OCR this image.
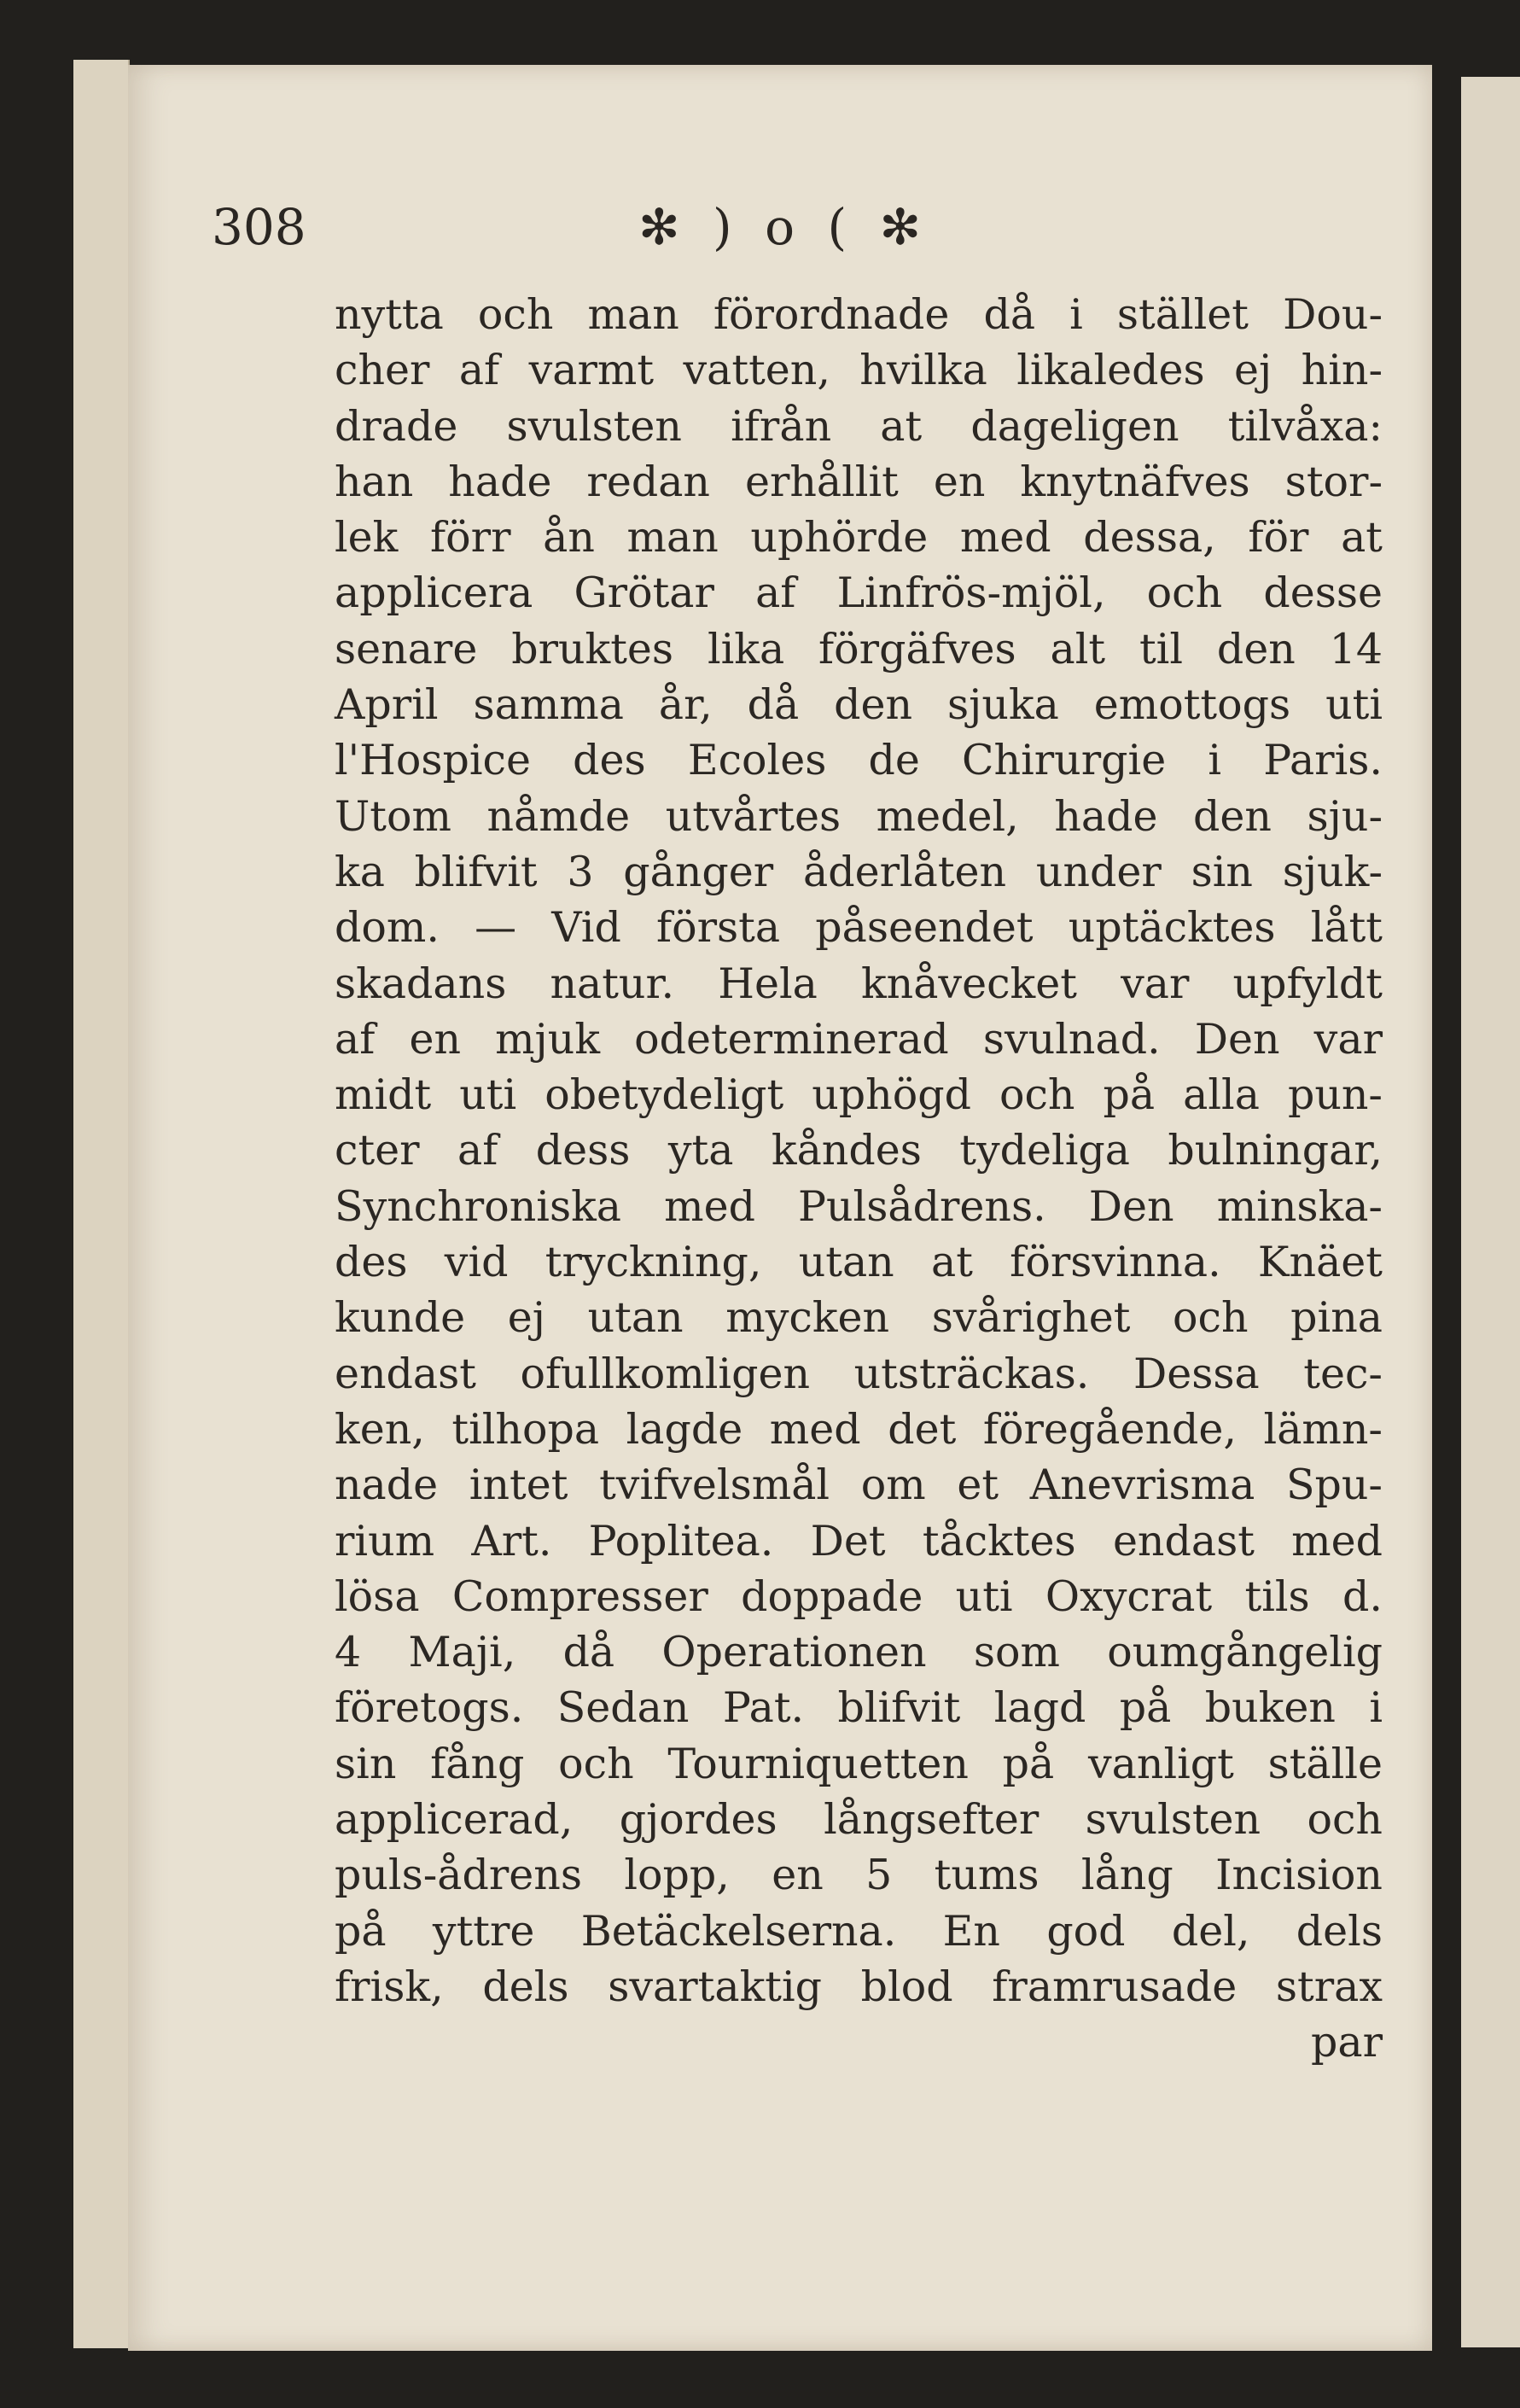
308	✻ ) o ( ✻
nytta och man förordnade då i stället Dou-
cher af varmt vatten, hvilka likaledes ej hin-
drade svulsten ifrån at dageligen tilvåxa:
han hade redan erhållit en knytnäfves stor-
lek förr ån man uphörde med dessa, för at
applicera Grötar af Linfrös-mjöl, och desse
senare bruktes lika förgäfves alt til den 14
April samma år, då den sjuka emottogs uti
l'Hospice des Ecoles de Chirurgie i Paris.
Utom nåmde utvårtes medel, hade den sju-
ka blifvit 3 gånger åderlåten under sin sjuk-
dom. — Vid första påseendet uptäcktes lått
skadans natur. Hela knåvecket var upfyldt
af en mjuk odeterminerad svulnad. Den var
midt uti obetydeligt uphögd och på alla pun-
cter af dess yta kåndes tydeliga bulningar,
Synchroniska med Pulsådrens. Den minska-
des vid tryckning, utan at försvinna. Knäet
kunde ej utan mycken svårighet och pina
endast ofullkomligen utsträckas. Dessa tec-
ken, tilhopa lagde med det föregående, lämn-
nade intet tvifvelsmål om et Anevrisma Spu-
rium Art. Poplitea. Det tåcktes endast med
lösa Compresser doppade uti Oxycrat tils d.
4 Maji, då Operationen som oumgångelig
företogs. Sedan Pat. blifvit lagd på buken i
sin fång och Tourniquetten på vanligt ställe
applicerad, gjordes långsefter svulsten och
puls-ådrens lopp, en 5 tums lång Incision
på yttre Betäckelserna. En god del, dels
frisk, dels svartaktig blod framrusade strax
par
